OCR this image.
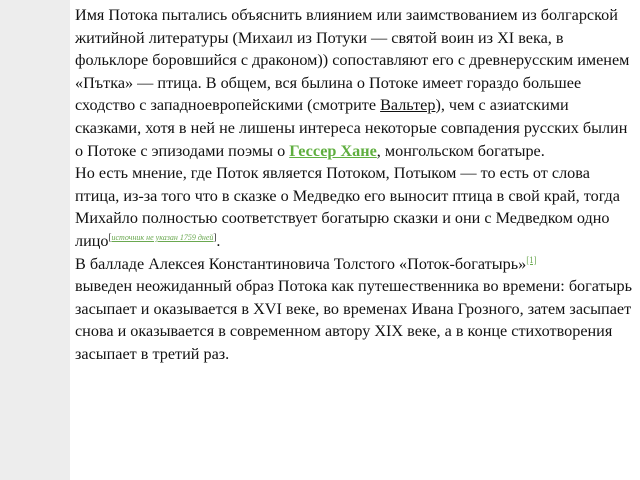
Имя Потока пытались объяснить влиянием или заимствованием из болгарской житийной литературы (Михаил из Потуки — святой воин из XI века, в фольклоре боровшийся с драконом)) сопоставляют его с древнерусским именем «Пътка» — птица. В общем, вся былина о Потоке имеет гораздо большее сходство с западноевропейскими (смотрите Вальтер), чем с азиатскими сказками, хотя в ней не лишены интереса некоторые совпадения русских былин о Потоке с эпизодами поэмы о Гессер Хане, монгольском богатыре.

Но есть мнение, где Поток является Потоком, Потыком — то есть от слова птица, из-за того что в сказке о Медведко его выносит птица в свой край, тогда Михайло полностью соответствует богатырю сказки и они с Медведком одно лицо[источник не указан 1759 дней].

В балладе Алексея Константиновича Толстого «Поток-богатырь»[1]
выведен неожиданный образ Потока как путешественника во времени: богатырь засыпает и оказывается в XVI веке, во временах Ивана Грозного, затем засыпает снова и оказывается в современном автору XIX веке, а в конце стихотворения засыпает в третий раз.
